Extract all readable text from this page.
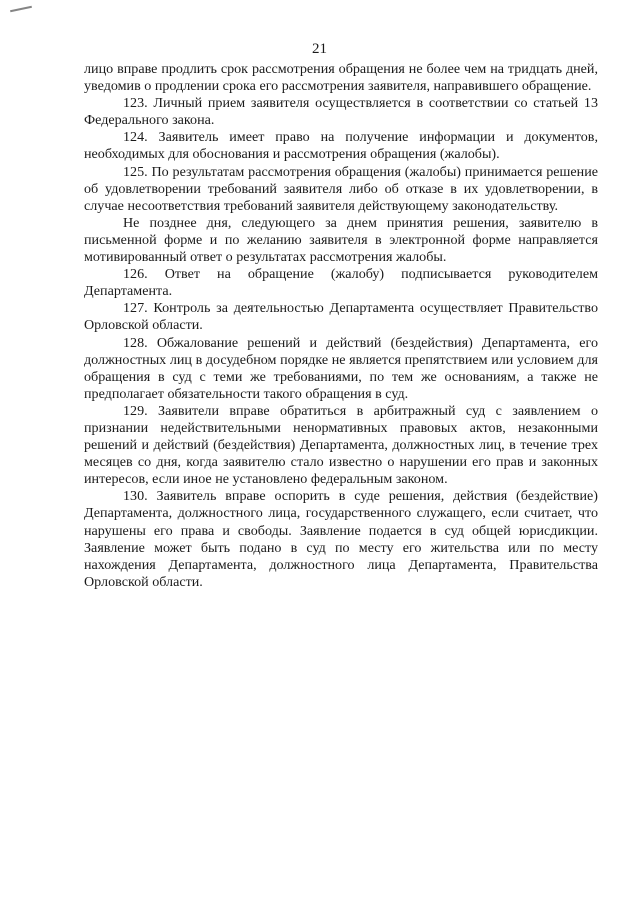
21

лицо вправе продлить срок рассмотрения обращения не более чем на тридцать дней, уведомив о продлении срока его рассмотрения заявителя, направившего обращение.

123. Личный прием заявителя осуществляется в соответствии со статьей 13 Федерального закона.

124. Заявитель имеет право на получение информации и документов, необходимых для обоснования и рассмотрения обращения (жалобы).

125. По результатам рассмотрения обращения (жалобы) принимается решение об удовлетворении требований заявителя либо об отказе в их удовлетворении, в случае несоответствия требований заявителя действующему законодательству.

Не позднее дня, следующего за днем принятия решения, заявителю в письменной форме и по желанию заявителя в электронной форме направляется мотивированный ответ о результатах рассмотрения жалобы.

126. Ответ на обращение (жалобу) подписывается руководителем Департамента.

127. Контроль за деятельностью Департамента осуществляет Правительство Орловской области.

128. Обжалование решений и действий (бездействия) Департамента, его должностных лиц в досудебном порядке не является препятствием или условием для обращения в суд с теми же требованиями, по тем же основаниям, а также не предполагает обязательности такого обращения в суд.

129. Заявители вправе обратиться в арбитражный суд с заявлением о признании недействительными ненормативных правовых актов, незаконными решений и действий (бездействия) Департамента, должностных лиц, в течение трех месяцев со дня, когда заявителю стало известно о нарушении его прав и законных интересов, если иное не установлено федеральным законом.

130. Заявитель вправе оспорить в суде решения, действия (бездействие) Департамента, должностного лица, государственного служащего, если считает, что нарушены его права и свободы. Заявление подается в суд общей юрисдикции. Заявление может быть подано в суд по месту его жительства или по месту нахождения Департамента, должностного лица Департамента, Правительства Орловской области.
